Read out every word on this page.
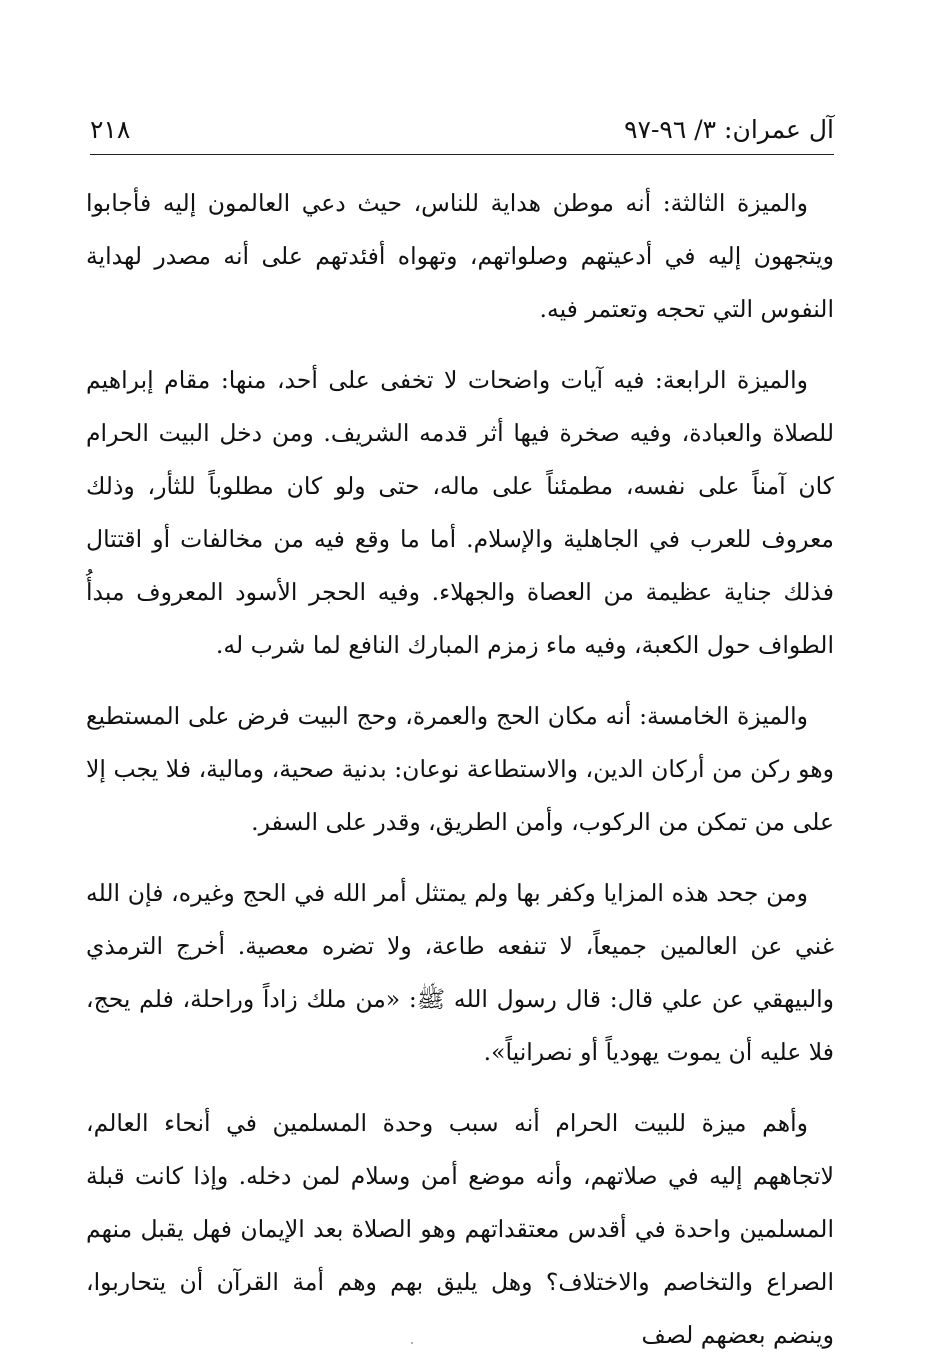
آل عمران: ٣/ ٩٦-٩٧
٢١٨

والميزة الثالثة: أنه موطن هداية للناس، حيث دعي العالمون إليه فأجابوا ويتجهون إليه في أدعيتهم وصلواتهم، وتهواه أفئدتهم على أنه مصدر لهداية النفوس التي تحجه وتعتمر فيه.

والميزة الرابعة: فيه آيات واضحات لا تخفى على أحد، منها: مقام إبراهيم للصلاة والعبادة، وفيه صخرة فيها أثر قدمه الشريف. ومن دخل البيت الحرام كان آمناً على نفسه، مطمئناً على ماله، حتى ولو كان مطلوباً للثأر، وذلك معروف للعرب في الجاهلية والإسلام. أما ما وقع فيه من مخالفات أو اقتتال فذلك جناية عظيمة من العصاة والجهلاء. وفيه الحجر الأسود المعروف مبدأُ الطواف حول الكعبة، وفيه ماء زمزم المبارك النافع لما شرب له.

والميزة الخامسة: أنه مكان الحج والعمرة، وحج البيت فرض على المستطيع وهو ركن من أركان الدين، والاستطاعة نوعان: بدنية صحية، ومالية، فلا يجب إلا على من تمكن من الركوب، وأمن الطريق، وقدر على السفر.

ومن جحد هذه المزايا وكفر بها ولم يمتثل أمر الله في الحج وغيره، فإن الله غني عن العالمين جميعاً، لا تنفعه طاعة، ولا تضره معصية. أخرج الترمذي والبيهقي عن علي قال: قال رسول الله ﷺ: «من ملك زاداً وراحلة، فلم يحج، فلا عليه أن يموت يهودياً أو نصرانياً».

وأهم ميزة للبيت الحرام أنه سبب وحدة المسلمين في أنحاء العالم، لاتجاههم إليه في صلاتهم، وأنه موضع أمن وسلام لمن دخله. وإذا كانت قبلة المسلمين واحدة في أقدس معتقداتهم وهو الصلاة بعد الإيمان فهل يقبل منهم الصراع والتخاصم والاختلاف؟ وهل يليق بهم وهم أمة القرآن أن يتحاربوا، وينضم بعضهم لصف
